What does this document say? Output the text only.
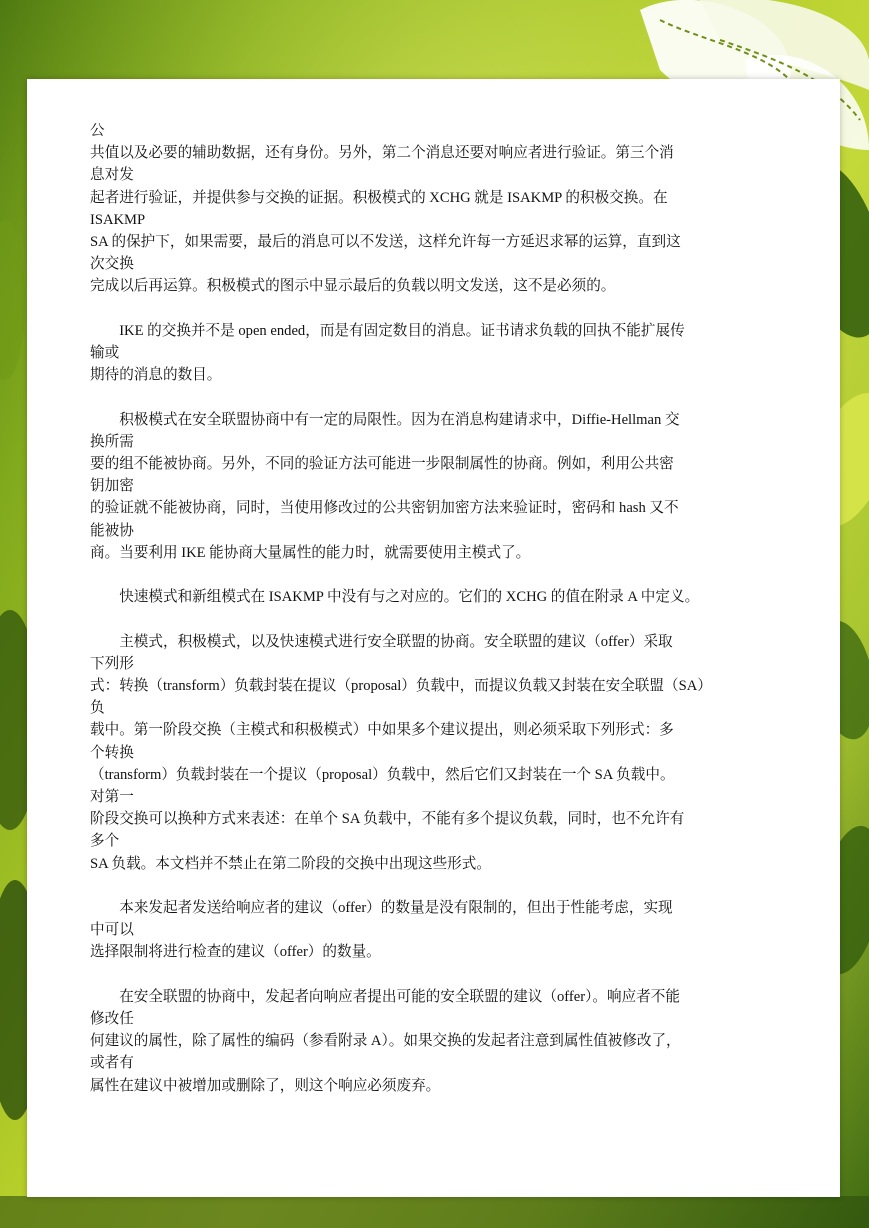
公
共值以及必要的辅助数据，还有身份。另外，第二个消息还要对响应者进行验证。第三个消
息对发
起者进行验证，并提供参与交换的证据。积极模式的 XCHG 就是 ISAKMP 的积极交换。在
ISAKMP
SA 的保护下，如果需要，最后的消息可以不发送，这样允许每一方延迟求幂的运算，直到这
次交换
完成以后再运算。积极模式的图示中显示最后的负载以明文发送，这不是必须的。
IKE 的交换并不是 open ended，而是有固定数目的消息。证书请求负载的回执不能扩展传
输或
期待的消息的数目。
积极模式在安全联盟协商中有一定的局限性。因为在消息构建请求中，Diffie-Hellman 交
换所需
要的组不能被协商。另外，不同的验证方法可能进一步限制属性的协商。例如，利用公共密
钥加密
的验证就不能被协商，同时，当使用修改过的公共密钥加密方法来验证时，密码和 hash 又不
能被协
商。当要利用 IKE 能协商大量属性的能力时，就需要使用主模式了。
快速模式和新组模式在 ISAKMP 中没有与之对应的。它们的 XCHG 的值在附录 A 中定义。
主模式，积极模式，以及快速模式进行安全联盟的协商。安全联盟的建议（offer）采取
下列形
式：转换（transform）负载封装在提议（proposal）负载中，而提议负载又封装在安全联盟（SA）
负
载中。第一阶段交换（主模式和积极模式）中如果多个建议提出，则必须采取下列形式：多
个转换
（transform）负载封装在一个提议（proposal）负载中，然后它们又封装在一个 SA 负载中。
对第一
阶段交换可以换种方式来表述：在单个 SA 负载中，不能有多个提议负载，同时，也不允许有
多个
SA 负载。本文档并不禁止在第二阶段的交换中出现这些形式。
本来发起者发送给响应者的建议（offer）的数量是没有限制的，但出于性能考虑，实现
中可以
选择限制将进行检查的建议（offer）的数量。
在安全联盟的协商中，发起者向响应者提出可能的安全联盟的建议（offer）。响应者不能
修改任
何建议的属性，除了属性的编码（参看附录 A）。如果交换的发起者注意到属性值被修改了，
或者有
属性在建议中被增加或删除了，则这个响应必须废弃。
